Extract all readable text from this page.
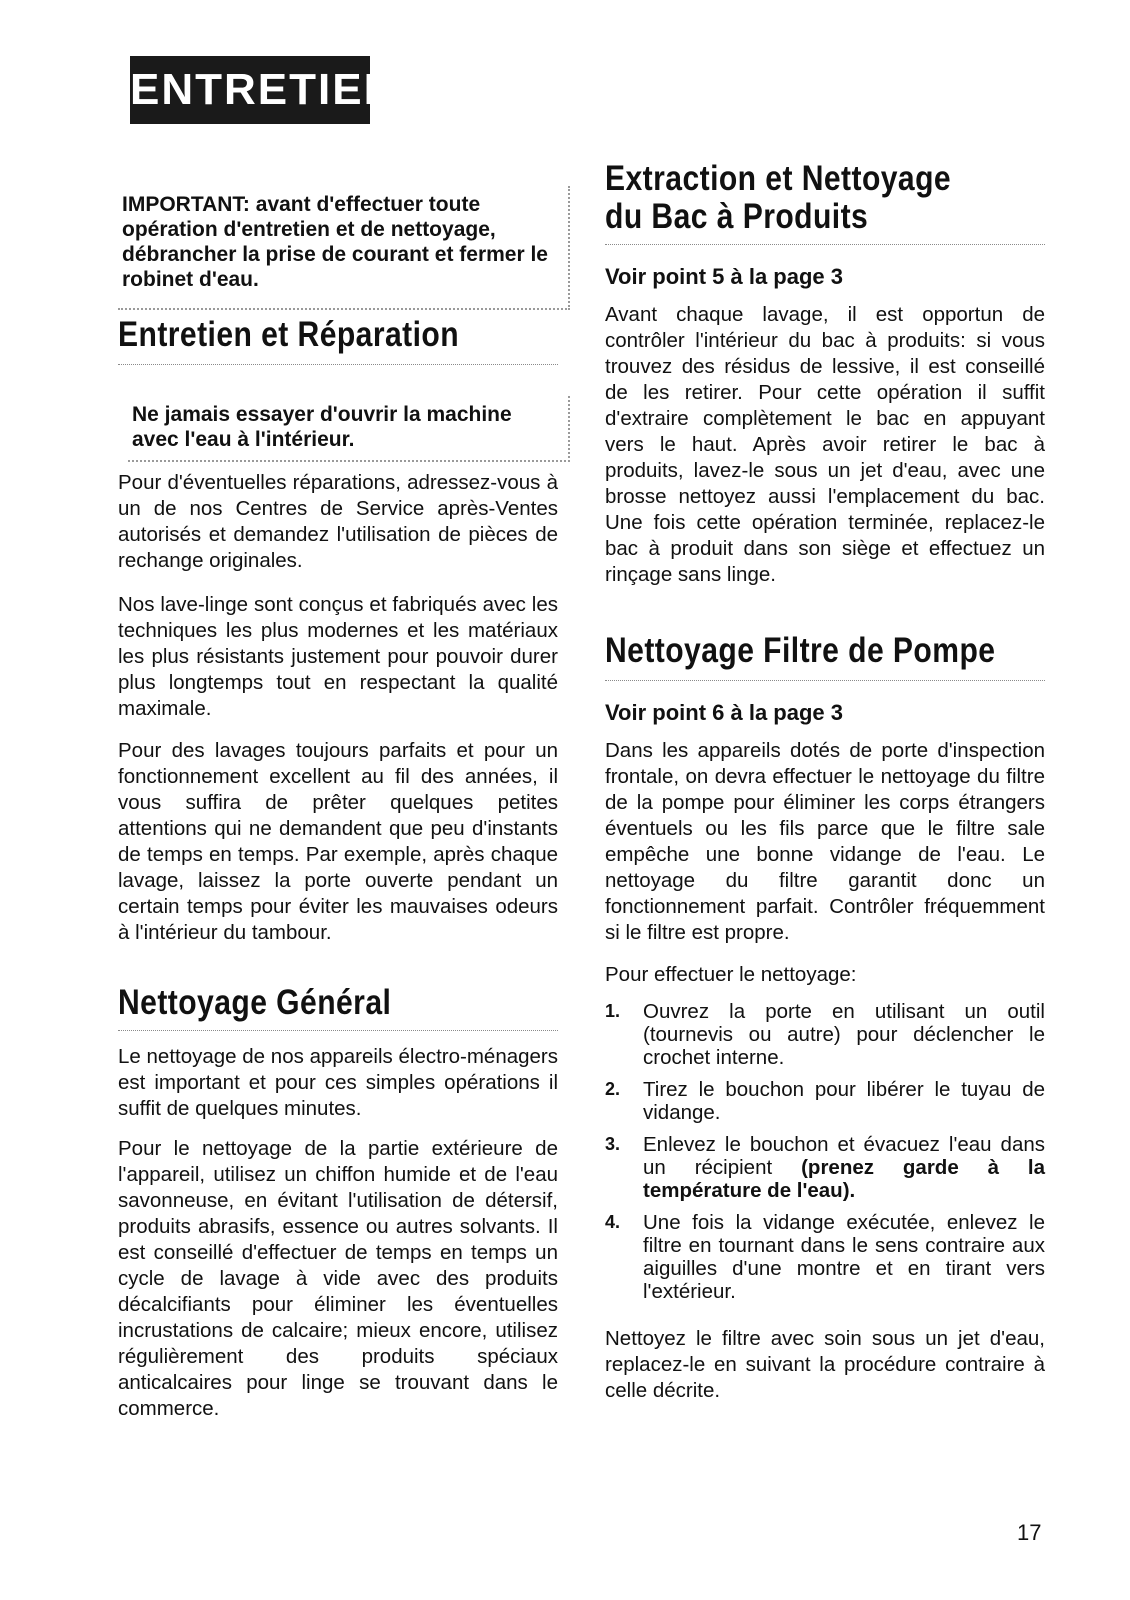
ENTRETIEN
IMPORTANT: avant d'effectuer toute opération d'entretien et de nettoyage, débrancher la prise de courant et fermer le robinet d'eau.
Entretien et Réparation
Ne jamais essayer d'ouvrir la machine avec l'eau à l'intérieur.
Pour d'éventuelles réparations, adressez-vous à un de nos Centres de Service après-Ventes autorisés et demandez l'utilisation de pièces de rechange originales.
Nos lave-linge sont conçus et fabriqués avec les techniques les plus modernes et les matériaux les plus résistants justement pour pouvoir durer plus longtemps tout en respectant la qualité maximale.
Pour des lavages toujours parfaits et pour un fonctionnement excellent au fil des années, il vous suffira de prêter quelques petites attentions qui ne demandent que peu d'instants de temps en temps. Par exemple, après chaque lavage, laissez la porte ouverte pendant un certain temps pour éviter les mauvaises odeurs à l'intérieur du tambour.
Nettoyage Général
Le nettoyage de nos appareils électro-ménagers est important et pour ces simples opérations il suffit de quelques minutes.
Pour le nettoyage de la partie extérieure de l'appareil, utilisez un chiffon humide et de l'eau savonneuse, en évitant l'utilisation de détersif, produits abrasifs, essence ou autres solvants. Il est conseillé d'effectuer de temps en temps un cycle de lavage à vide avec des produits décalcifiants pour éliminer les éventuelles incrustations de calcaire; mieux encore, utilisez régulièrement des produits spéciaux anticalcaires pour linge se trouvant dans le commerce.
Extraction et Nettoyage
du Bac à Produits
Voir point 5 à la page 3
Avant chaque lavage, il est opportun de contrôler l'intérieur du bac à produits: si vous trouvez des résidus de lessive, il est conseillé de les retirer. Pour cette opération il suffit d'extraire complètement le bac en appuyant vers le haut. Après avoir retirer le bac à produits, lavez-le sous un jet d'eau, avec une brosse nettoyez aussi l'emplacement du bac. Une fois cette opération terminée, replacez-le bac à produit dans son siège et effectuez un rinçage sans linge.
Nettoyage Filtre de Pompe
Voir point 6 à la page 3
Dans les appareils dotés de porte d'inspection frontale, on devra effectuer le nettoyage du filtre de la pompe pour éliminer les corps étrangers éventuels ou les fils parce que le filtre sale empêche une bonne vidange de l'eau. Le nettoyage du filtre garantit donc un fonctionnement parfait. Contrôler fréquemment si le filtre est propre.
Pour effectuer le nettoyage:
1. Ouvrez la porte en utilisant un outil (tournevis ou autre) pour déclencher le crochet interne.
2. Tirez le bouchon pour libérer le tuyau de vidange.
3. Enlevez le bouchon et évacuez l'eau dans un récipient (prenez garde à la température de l'eau).
4. Une fois la vidange exécutée, enlevez le filtre en tournant dans le sens contraire aux aiguilles d'une montre et en tirant vers l'extérieur.
Nettoyez le filtre avec soin sous un jet d'eau, replacez-le en suivant la procédure contraire à celle décrite.
17
